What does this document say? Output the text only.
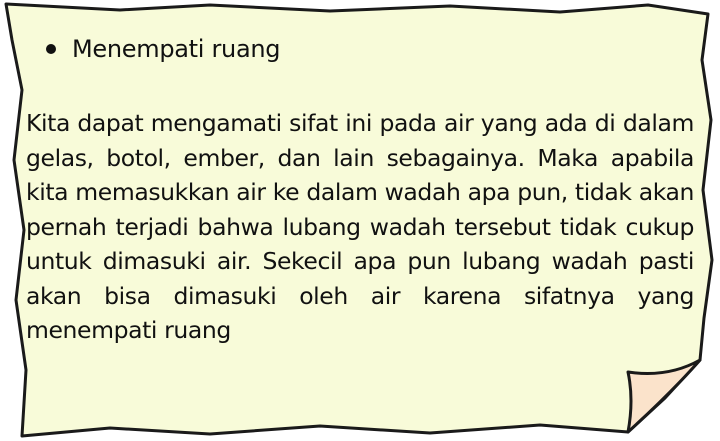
Menempati ruang

Kita dapat mengamati sifat ini pada air yang ada di dalam gelas, botol, ember, dan lain sebagainya. Maka apabila kita memasukkan air ke dalam wadah apa pun, tidak akan pernah terjadi bahwa lubang wadah tersebut tidak cukup untuk dimasuki air. Sekecil apa pun lubang wadah pasti akan bisa dimasuki oleh air karena sifatnya yang menempati ruang
